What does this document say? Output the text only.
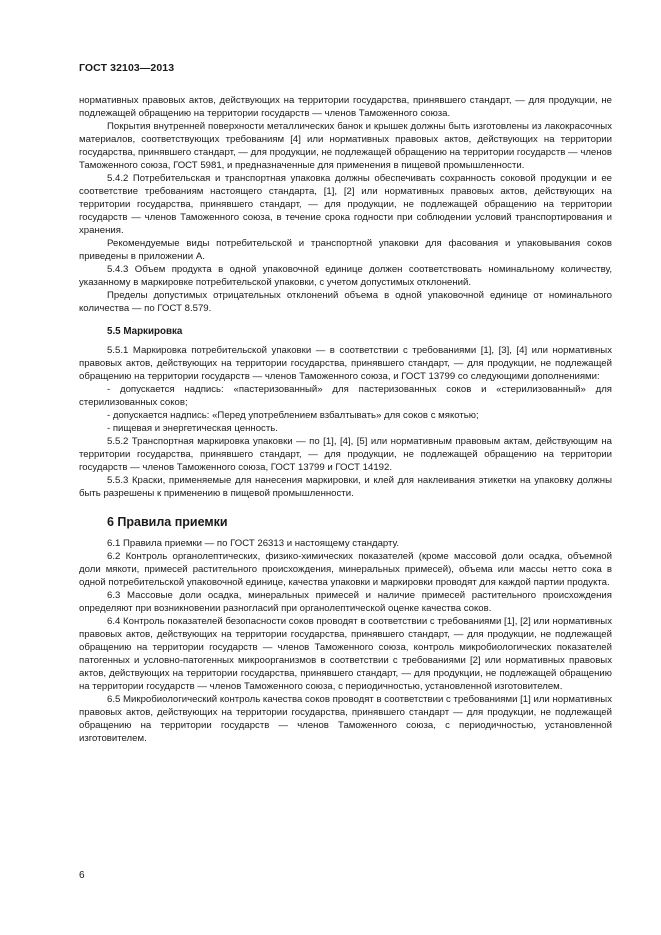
ГОСТ 32103—2013

нормативных правовых актов, действующих на территории государства, принявшего стандарт, — для продукции, не подлежащей обращению на территории государств — членов Таможенного союза.

Покрытия внутренней поверхности металлических банок и крышек должны быть изготовлены из лакокрасочных материалов, соответствующих требованиям [4] или нормативных правовых актов, действующих на территории государства, принявшего стандарт, — для продукции, не подлежащей обращению на территории государств — членов Таможенного союза, ГОСТ 5981, и предназначенные для применения в пищевой промышленности.

5.4.2 Потребительская и транспортная упаковка должны обеспечивать сохранность соковой продукции и ее соответствие требованиям настоящего стандарта, [1], [2] или нормативных правовых актов, действующих на территории государства, принявшего стандарт, — для продукции, не подлежащей обращению на территории государств — членов Таможенного союза, в течение срока годности при соблюдении условий транспортирования и хранения.

Рекомендуемые виды потребительской и транспортной упаковки для фасования и упаковывания соков приведены в приложении А.

5.4.3 Объем продукта в одной упаковочной единице должен соответствовать номинальному количеству, указанному в маркировке потребительской упаковки, с учетом допустимых отклонений.

Пределы допустимых отрицательных отклонений объема в одной упаковочной единице от номинального количества — по ГОСТ 8.579.

5.5 Маркировка

5.5.1 Маркировка потребительской упаковки — в соответствии с требованиями [1], [3], [4] или нормативных правовых актов, действующих на территории государства, принявшего стандарт, — для продукции, не подлежащей обращению на территории государств — членов Таможенного союза, и ГОСТ 13799 со следующими дополнениями:

- допускается надпись: «пастеризованный» для пастеризованных соков и «стерилизованный» для стерилизованных соков;

- допускается надпись: «Перед употреблением взбалтывать» для соков с мякотью;

- пищевая и энергетическая ценность.

5.5.2 Транспортная маркировка упаковки — по [1], [4], [5] или нормативным правовым актам, действующим на территории государства, принявшего стандарт, — для продукции, не подлежащей обращению на территории государств — членов Таможенного союза, ГОСТ 13799 и ГОСТ 14192.

5.5.3 Краски, применяемые для нанесения маркировки, и клей для наклеивания этикетки на упаковку должны быть разрешены к применению в пищевой промышленности.

6 Правила приемки

6.1 Правила приемки — по ГОСТ 26313 и настоящему стандарту.

6.2 Контроль органолептических, физико-химических показателей (кроме массовой доли осадка, объемной доли мякоти, примесей растительного происхождения, минеральных примесей), объема или массы нетто сока в одной потребительской упаковочной единице, качества упаковки и маркировки проводят для каждой партии продукта.

6.3 Массовые доли осадка, минеральных примесей и наличие примесей растительного происхождения определяют при возникновении разногласий при органолептической оценке качества соков.

6.4 Контроль показателей безопасности соков проводят в соответствии с требованиями [1], [2] или нормативных правовых актов, действующих на территории государства, принявшего стандарт, — для продукции, не подлежащей обращению на территории государств — членов Таможенного союза, контроль микробиологических показателей патогенных и условно-патогенных микроорганизмов в соответствии с требованиями [2] или нормативных правовых актов, действующих на территории государства, принявшего стандарт, — для продукции, не подлежащей обращению на территории государств — членов Таможенного союза, с периодичностью, установленной изготовителем.

6.5 Микробиологический контроль качества соков проводят в соответствии с требованиями [1] или нормативных правовых актов, действующих на территории государства, принявшего стандарт — для продукции, не подлежащей обращению на территории государств — членов Таможенного союза, с периодичностью, установленной изготовителем.

6
